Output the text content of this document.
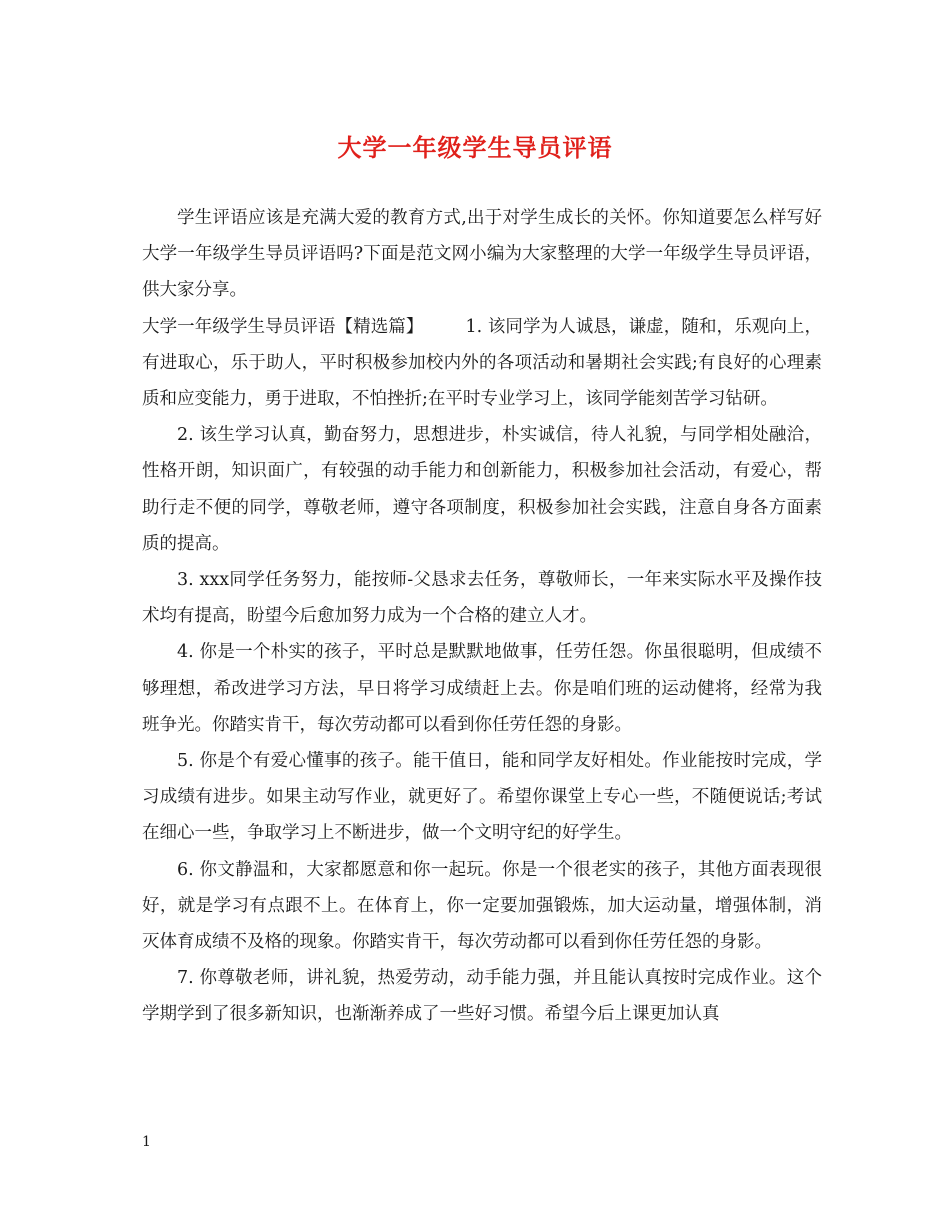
大学一年级学生导员评语

学生评语应该是充满大爱的教育方式,出于对学生成长的关怀。你知道要怎么样写好大学一年级学生导员评语吗?下面是范文网小编为大家整理的大学一年级学生导员评语，供大家分享。

大学一年级学生导员评语【精选篇】 1. 该同学为人诚恳，谦虚，随和，乐观向上，有进取心，乐于助人，平时积极参加校内外的各项活动和暑期社会实践;有良好的心理素质和应变能力，勇于进取，不怕挫折;在平时专业学习上，该同学能刻苦学习钻研。

2. 该生学习认真，勤奋努力，思想进步，朴实诚信，待人礼貌，与同学相处融洽，性格开朗，知识面广，有较强的动手能力和创新能力，积极参加社会活动，有爱心，帮助行走不便的同学，尊敬老师，遵守各项制度，积极参加社会实践，注意自身各方面素质的提高。

3. xxx同学任务努力，能按师-父恳求去任务，尊敬师长，一年来实际水平及操作技术均有提高，盼望今后愈加努力成为一个合格的建立人才。

4. 你是一个朴实的孩子，平时总是默默地做事，任劳任怨。你虽很聪明，但成绩不够理想，希改进学习方法，早日将学习成绩赶上去。你是咱们班的运动健将，经常为我班争光。你踏实肯干，每次劳动都可以看到你任劳任怨的身影。

5. 你是个有爱心懂事的孩子。能干值日，能和同学友好相处。作业能按时完成，学习成绩有进步。如果主动写作业，就更好了。希望你课堂上专心一些，不随便说话;考试在细心一些，争取学习上不断进步，做一个文明守纪的好学生。

6. 你文静温和，大家都愿意和你一起玩。你是一个很老实的孩子，其他方面表现很好，就是学习有点跟不上。在体育上，你一定要加强锻炼，加大运动量，增强体制，消灭体育成绩不及格的现象。你踏实肯干，每次劳动都可以看到你任劳任怨的身影。

7. 你尊敬老师，讲礼貌，热爱劳动，动手能力强，并且能认真按时完成作业。这个学期学到了很多新知识，也渐渐养成了一些好习惯。希望今后上课更加认真

1
